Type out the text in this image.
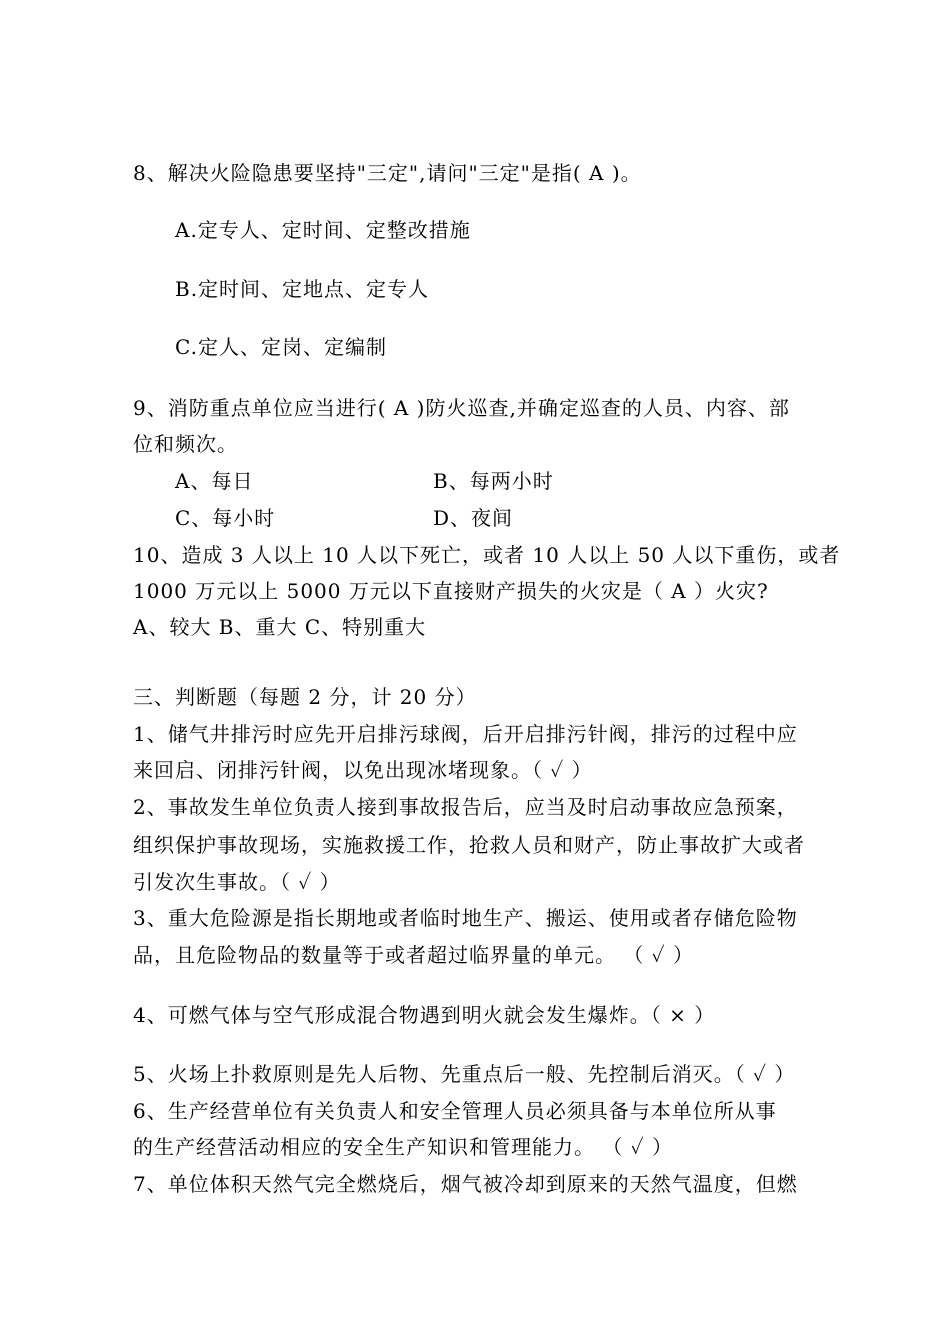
8、解决火险隐患要坚持"三定",请问"三定"是指( A )。
A.定专人、定时间、定整改措施
B.定时间、定地点、定专人
C.定人、定岗、定编制
9、消防重点单位应当进行( A )防火巡查,并确定巡查的人员、内容、部
位和频次。
A、每日	B、每两小时
C、每小时	D、夜间
10、造成 3 人以上 10 人以下死亡，或者 10 人以上 50 人以下重伤，或者
1000 万元以上 5000 万元以下直接财产损失的火灾是（ A ）火灾?
A、较大 B、重大 C、特别重大
三、判断题（每题 2 分，计 20 分）
1、储气井排污时应先开启排污球阀，后开启排污针阀，排污的过程中应
来回启、闭排污针阀，以免出现冰堵现象。（ ✓ ）
2、事故发生单位负责人接到事故报告后，应当及时启动事故应急预案，
组织保护事故现场，实施救援工作，抢救人员和财产，防止事故扩大或者
引发次生事故。（ ✓ ）
3、重大危险源是指长期地或者临时地生产、搬运、使用或者存储危险物
品，且危险物品的数量等于或者超过临界量的单元。 （ ✓ ）
4、可燃气体与空气形成混合物遇到明火就会发生爆炸。（ × ）
5、火场上扑救原则是先人后物、先重点后一般、先控制后消灭。（ ✓ ）
6、生产经营单位有关负责人和安全管理人员必须具备与本单位所从事
的生产经营活动相应的安全生产知识和管理能力。 （ ✓ ）
7、单位体积天然气完全燃烧后，烟气被冷却到原来的天然气温度，但燃
